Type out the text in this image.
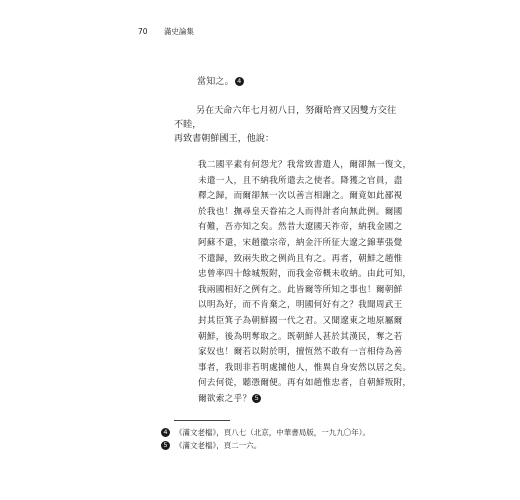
70 滿史論集
當知之。 4
另在天命六年七月初八日，努爾哈齊又因雙方交往不睦，
再致書朝鮮國王，他說：
我二國平素有何怨尤？我常致書遣人，爾卻無一復文，
未遣一人，且不納我所遣去之使者。降獲之官員，盡
釋之歸，而爾卻無一次以善言相謝之。爾竟如此鄙視
於我也！撫尋皇天眷祐之人而得計者向無此例。爾國
有難，吾亦知之矣。然昔大遼國天祚帝，納我金國之
阿蘇不還，宋趙徽宗帝，納金汗所征大遼之錦華張覺
不遣歸，致兩失敗之例尚且有之。再者，朝鮮之趙惟
忠曾率四十餘城叛附，而我金帝概未收納。由此可知，
我兩國相好之例有之。此皆爾等所知之事也！爾朝鮮
以明為好，而不肯棄之，明國何好有之？我聞周武王
封其臣箕子為朝鮮國一代之君。又聞遼東之地原屬爾
朝鮮，後為明奪取之。既朝鮮人甚於其漢民，奪之若
家奴也！爾若以附於明，擅恆然不敢有一言相侍為善
事者，我則非若明處擄他人，惟異自身安然以居之矣。
何去何從，聽憑爾便。再有如趙惟忠者，自朝鮮叛附，
爾欲索之乎？ 5
4 《滿文老檔》，頁八七（北京，中華書局版，一九九〇年）。
5 《滿文老檔》，頁二一六。
